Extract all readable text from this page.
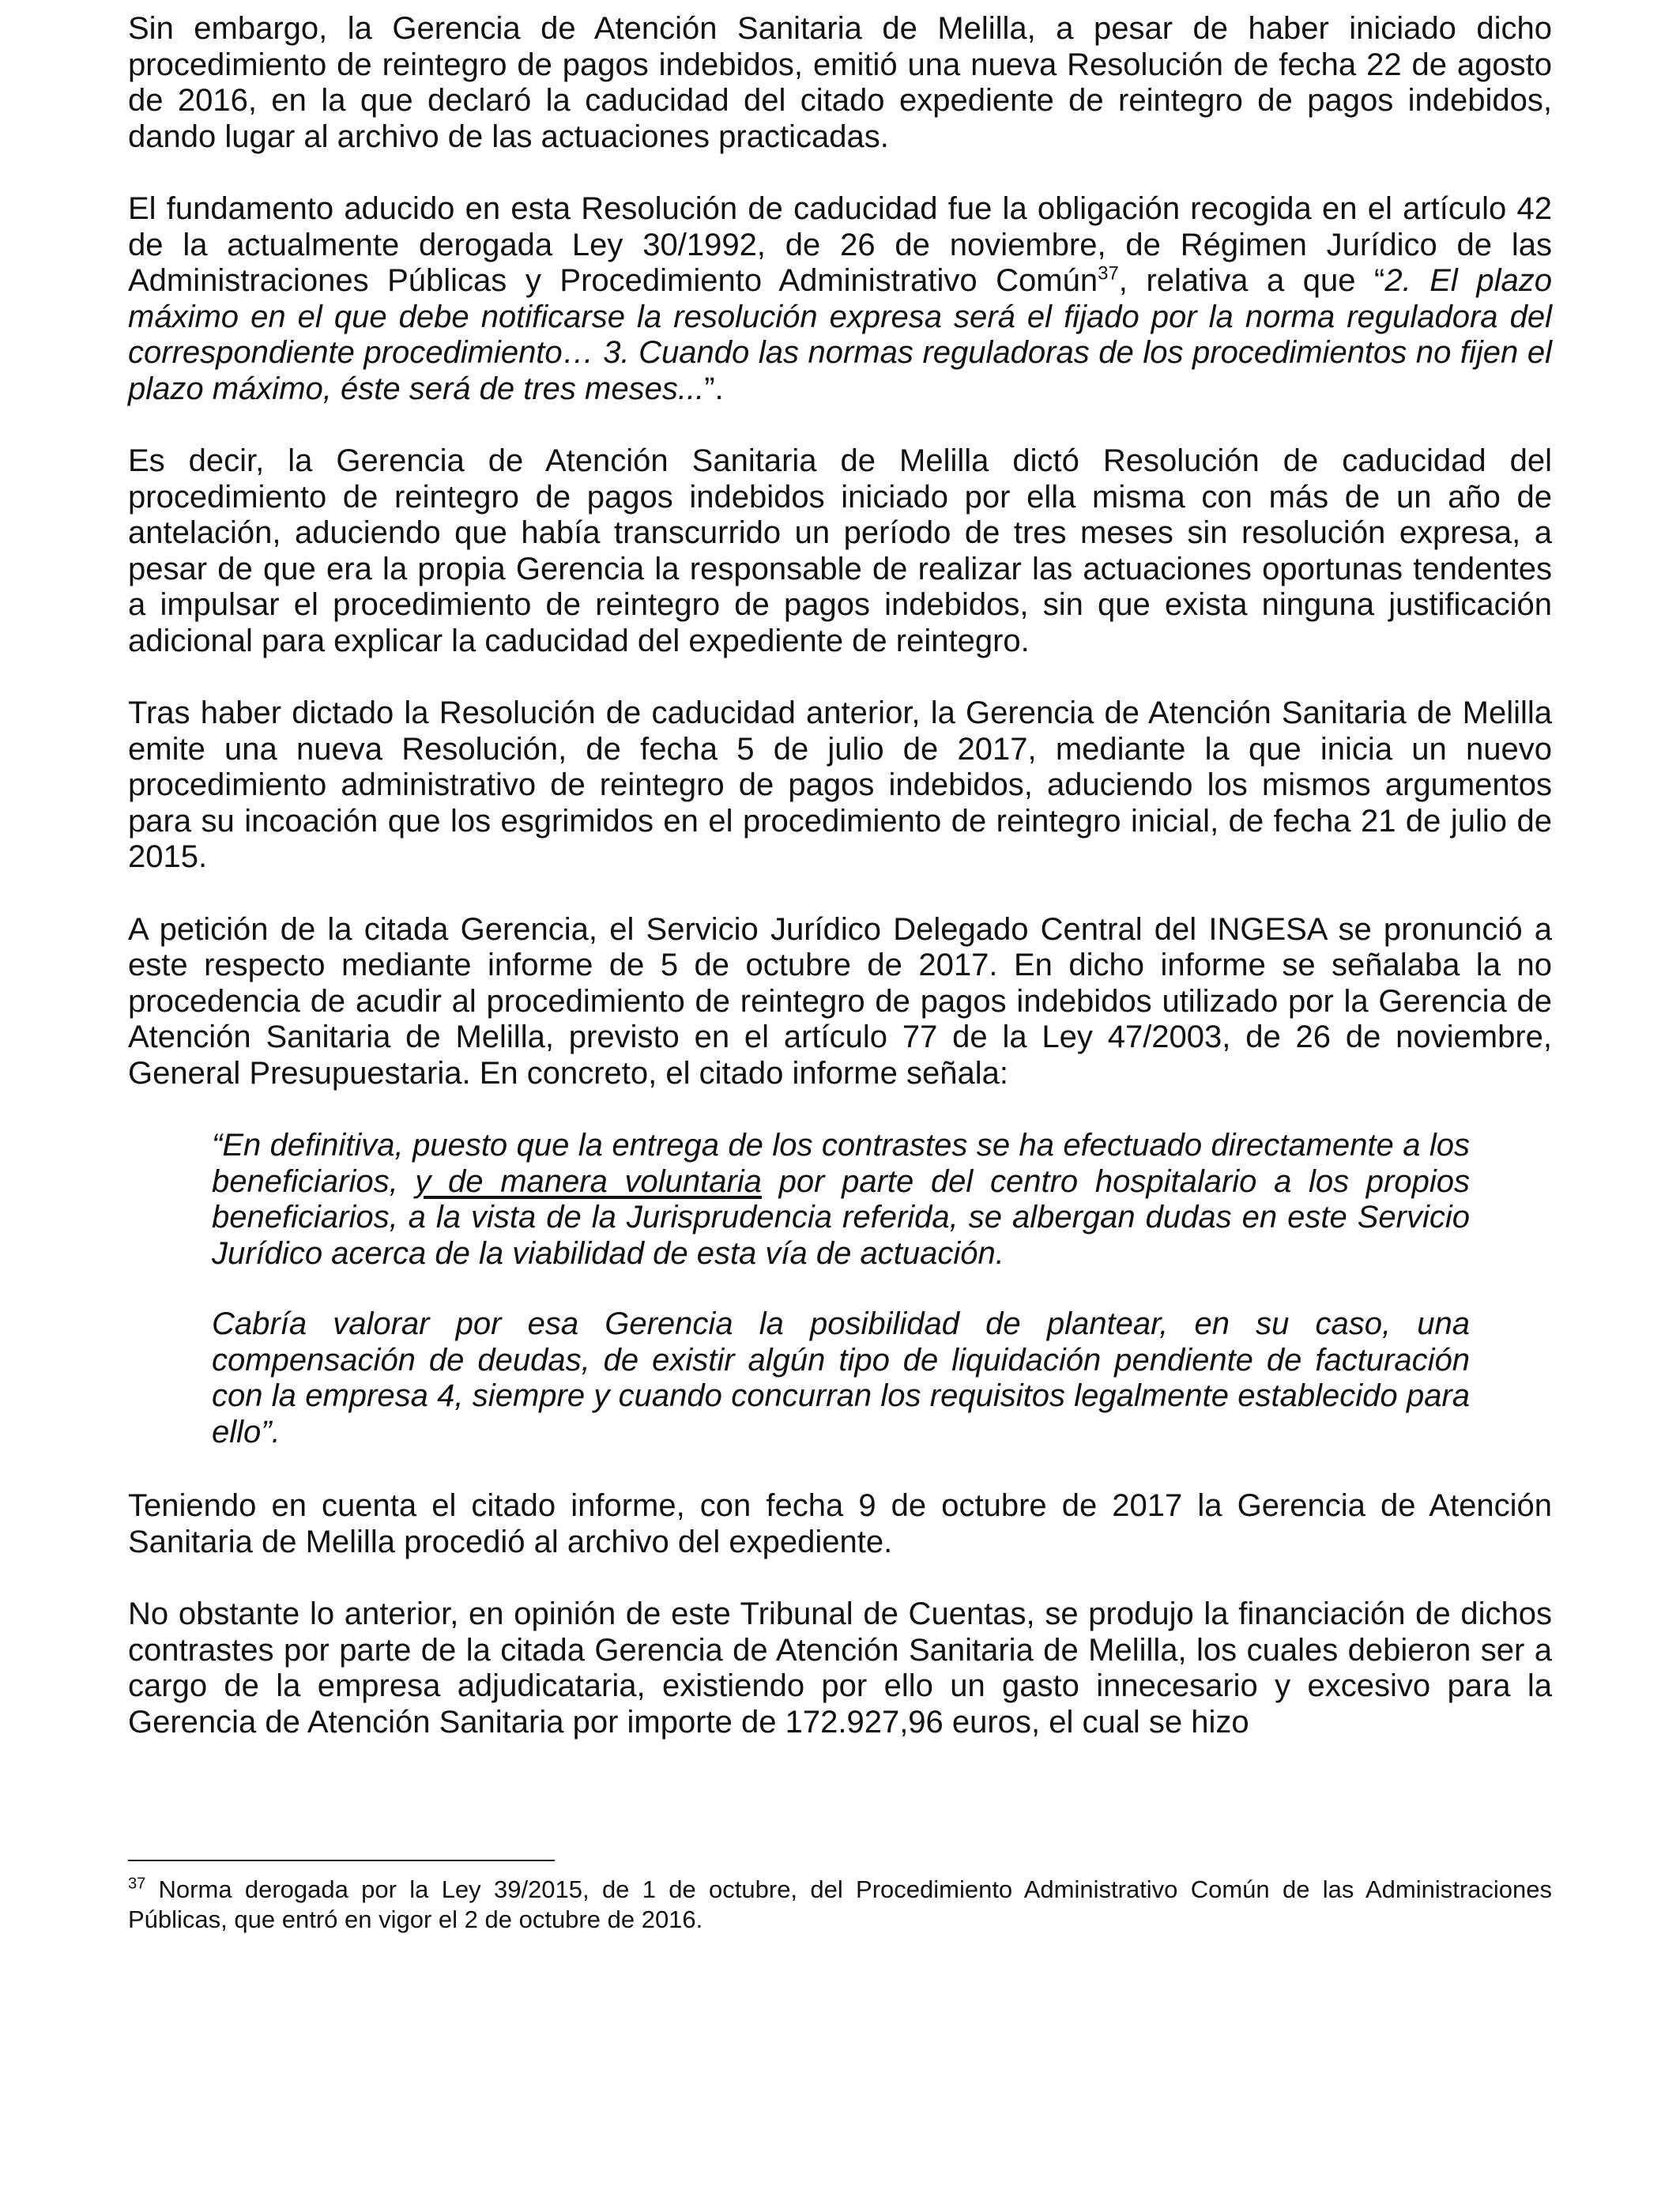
Sin embargo, la Gerencia de Atención Sanitaria de Melilla, a pesar de haber iniciado dicho procedimiento de reintegro de pagos indebidos, emitió una nueva Resolución de fecha 22 de agosto de 2016, en la que declaró la caducidad del citado expediente de reintegro de pagos indebidos, dando lugar al archivo de las actuaciones practicadas.

El fundamento aducido en esta Resolución de caducidad fue la obligación recogida en el artículo 42 de la actualmente derogada Ley 30/1992, de 26 de noviembre, de Régimen Jurídico de las Administraciones Públicas y Procedimiento Administrativo Común$^{37}$, relativa a que “2. El plazo máximo en el que debe notificarse la resolución expresa será el fijado por la norma reguladora del correspondiente procedimiento… 3. Cuando las normas reguladoras de los procedimientos no fijen el plazo máximo, éste será de tres meses...”.

Es decir, la Gerencia de Atención Sanitaria de Melilla dictó Resolución de caducidad del procedimiento de reintegro de pagos indebidos iniciado por ella misma con más de un año de antelación, aduciendo que había transcurrido un período de tres meses sin resolución expresa, a pesar de que era la propia Gerencia la responsable de realizar las actuaciones oportunas tendentes a impulsar el procedimiento de reintegro de pagos indebidos, sin que exista ninguna justificación adicional para explicar la caducidad del expediente de reintegro.

Tras haber dictado la Resolución de caducidad anterior, la Gerencia de Atención Sanitaria de Melilla emite una nueva Resolución, de fecha 5 de julio de 2017, mediante la que inicia un nuevo procedimiento administrativo de reintegro de pagos indebidos, aduciendo los mismos argumentos para su incoación que los esgrimidos en el procedimiento de reintegro inicial, de fecha 21 de julio de 2015.

A petición de la citada Gerencia, el Servicio Jurídico Delegado Central del INGESA se pronunció a este respecto mediante informe de 5 de octubre de 2017. En dicho informe se señalaba la no procedencia de acudir al procedimiento de reintegro de pagos indebidos utilizado por la Gerencia de Atención Sanitaria de Melilla, previsto en el artículo 77 de la Ley 47/2003, de 26 de noviembre, General Presupuestaria. En concreto, el citado informe señala:

“En definitiva, puesto que la entrega de los contrastes se ha efectuado directamente a los beneficiarios, y de manera voluntaria por parte del centro hospitalario a los propios beneficiarios, a la vista de la Jurisprudencia referida, se albergan dudas en este Servicio Jurídico acerca de la viabilidad de esta vía de actuación.

Cabría valorar por esa Gerencia la posibilidad de plantear, en su caso, una compensación de deudas, de existir algún tipo de liquidación pendiente de facturación con la empresa 4, siempre y cuando concurran los requisitos legalmente establecido para ello”.

Teniendo en cuenta el citado informe, con fecha 9 de octubre de 2017 la Gerencia de Atención Sanitaria de Melilla procedió al archivo del expediente.

No obstante lo anterior, en opinión de este Tribunal de Cuentas, se produjo la financiación de dichos contrastes por parte de la citada Gerencia de Atención Sanitaria de Melilla, los cuales debieron ser a cargo de la empresa adjudicataria, existiendo por ello un gasto innecesario y excesivo para la Gerencia de Atención Sanitaria por importe de 172.927,96 euros, el cual se hizo

$^{37}$ Norma derogada por la Ley 39/2015, de 1 de octubre, del Procedimiento Administrativo Común de las Administraciones Públicas, que entró en vigor el 2 de octubre de 2016.
